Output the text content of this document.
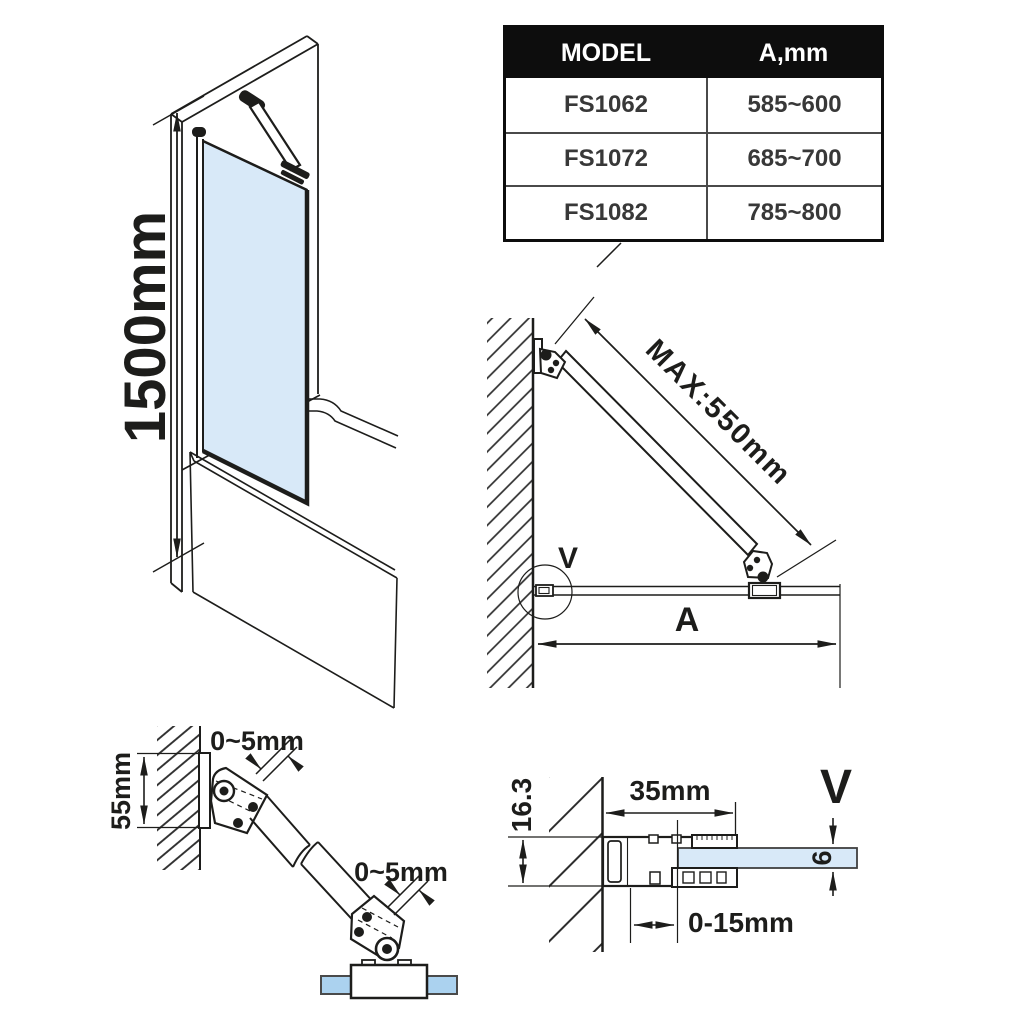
1500mm	MAX:550mm
A
V
55mm
0~5mm
0~5mm
16.3	35mm
0-15mm
6
V
MODEL	A,mm
FS1062	585~600
FS1072	685~700
FS1082	785~800
